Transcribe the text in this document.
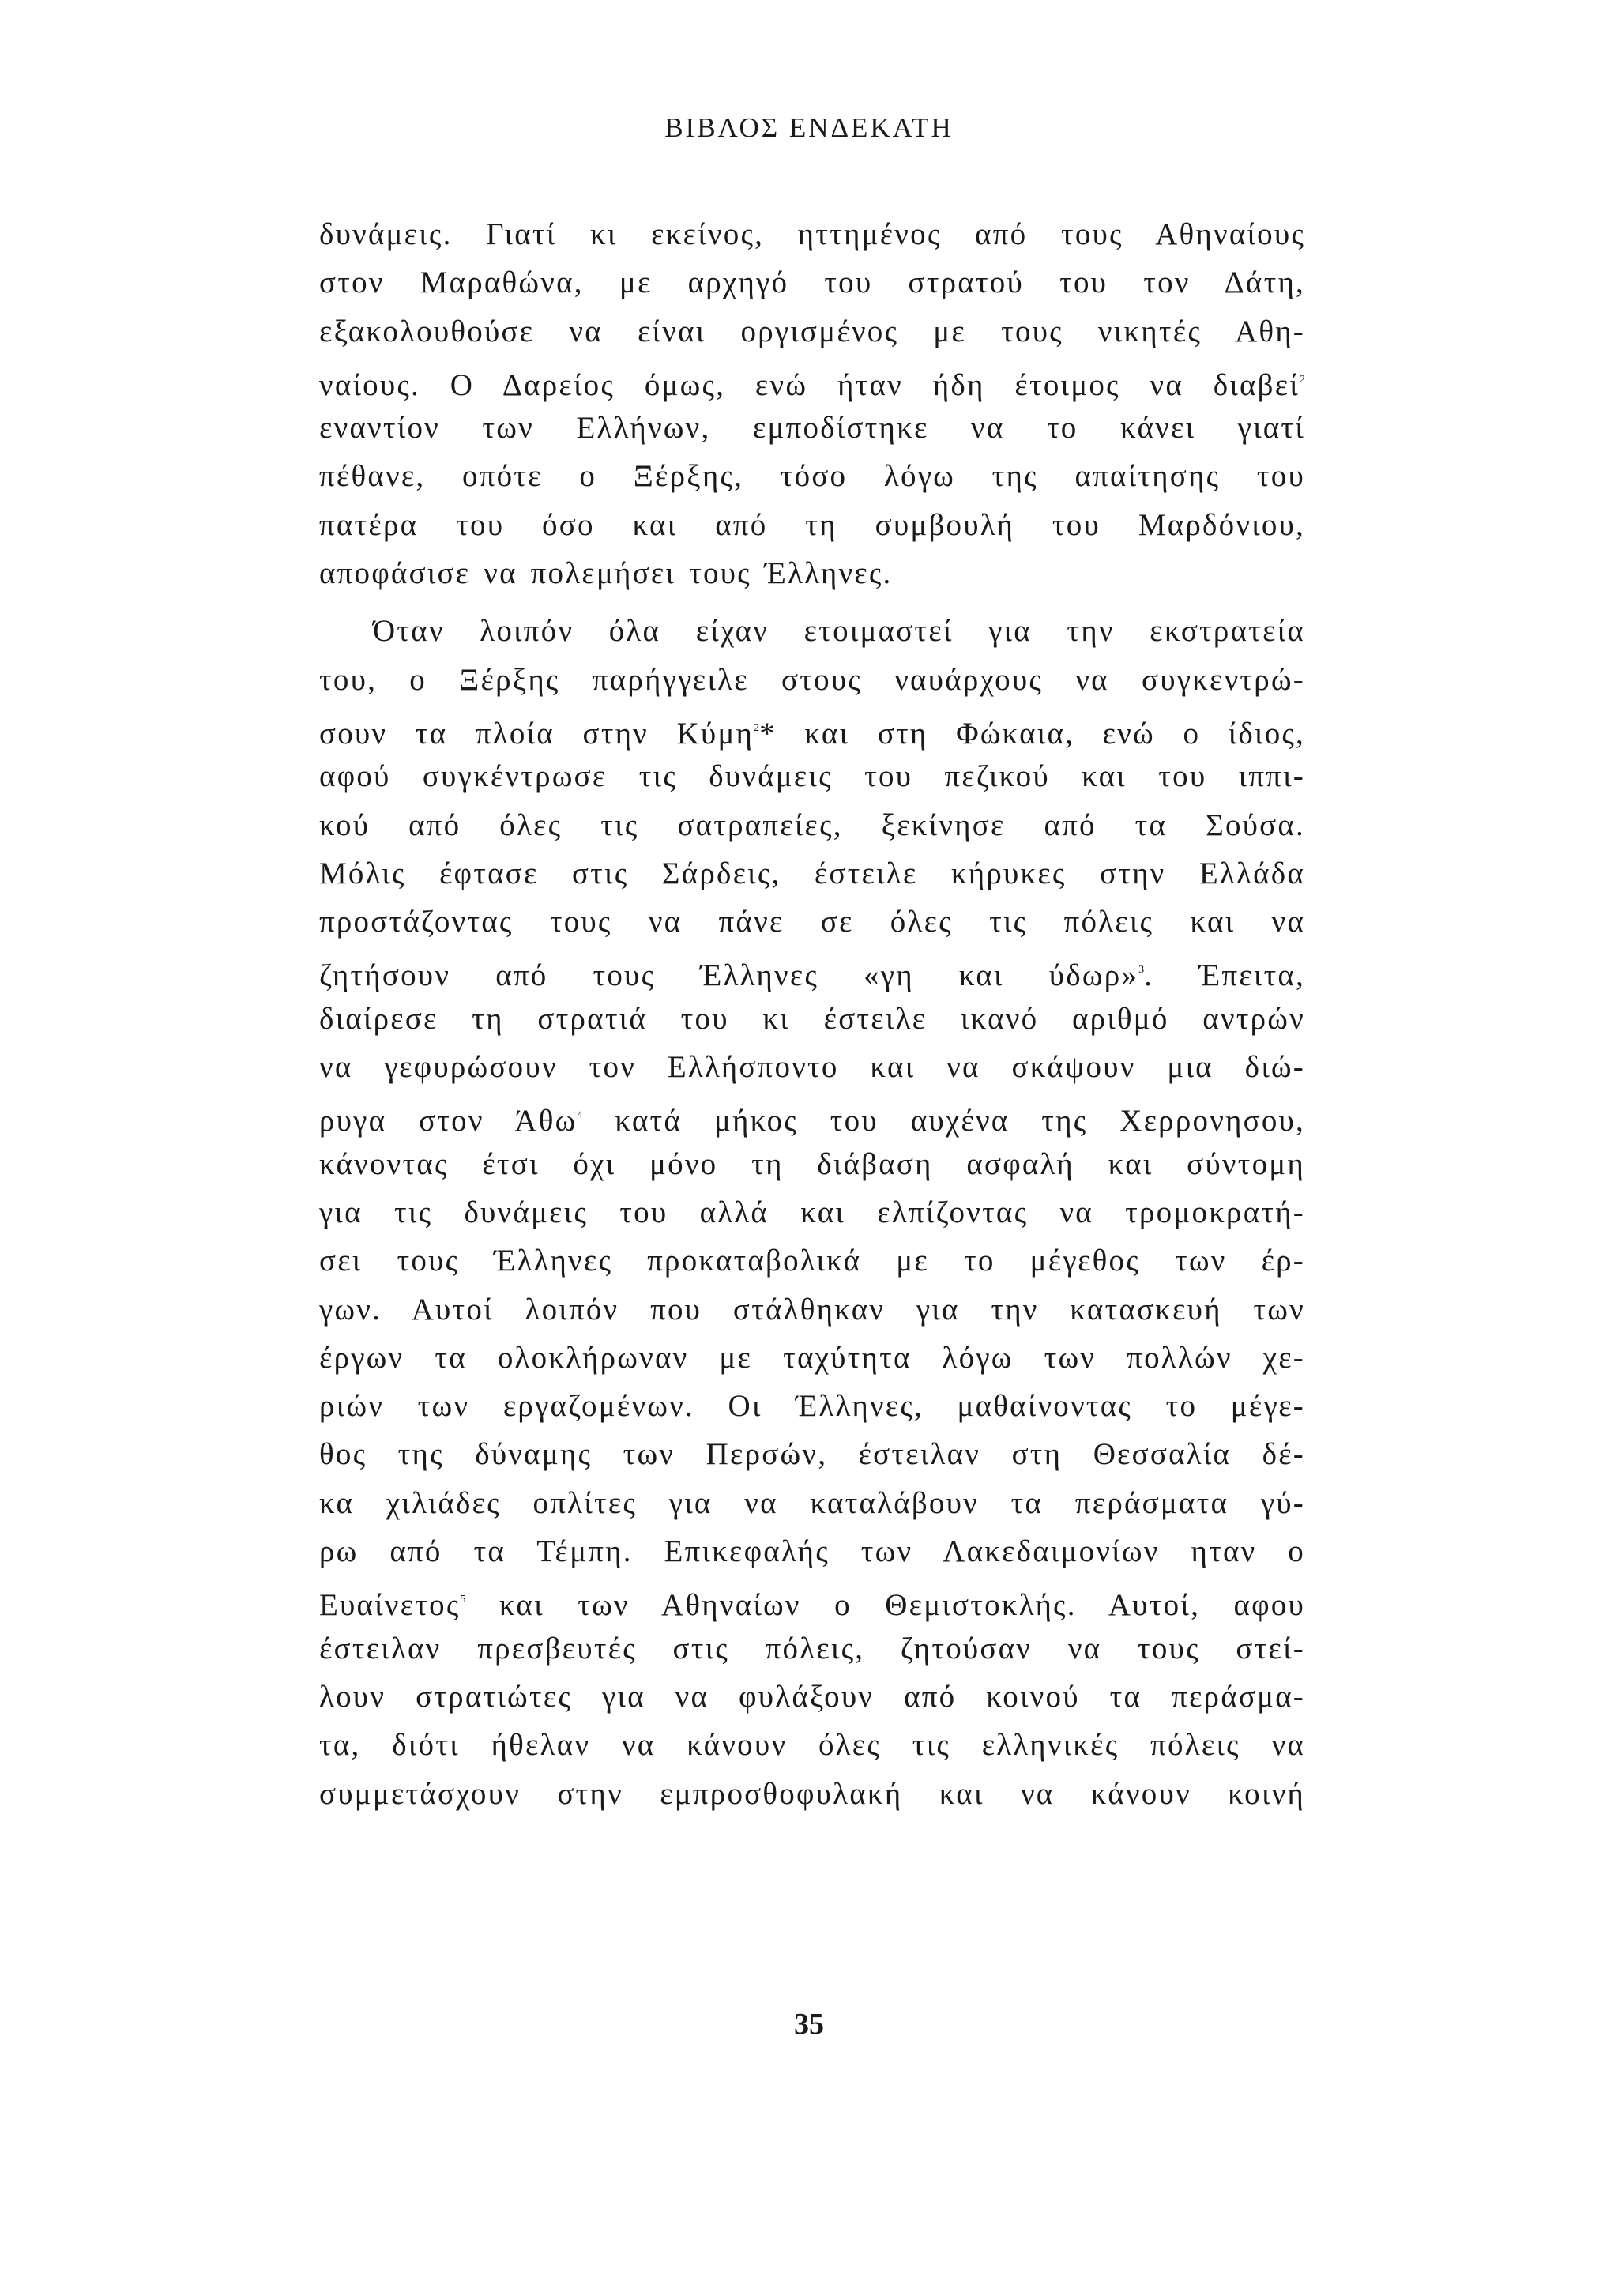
ΒΙΒΛΟΣ ΕΝΔΕΚΑΤΗ
δυνάμεις. Γιατί κι εκείνος, ηττημένος από τους Αθηναίους
στον Μαραθώνα, με αρχηγό του στρατού του τον Δάτη,
εξακολουθούσε να είναι οργισμένος με τους νικητές Αθη-
ναίους. Ο Δαρείος όμως, ενώ ήταν ήδη έτοιμος να διαβεί$^2$
εναντίον των Ελλήνων, εμποδίστηκε να το κάνει γιατί
πέθανε, οπότε ο Ξέρξης, τόσο λόγω της απαίτησης του
πατέρα του όσο και από τη συμβουλή του Μαρδόνιου,
αποφάσισε να πολεμήσει τους Έλληνες.
Όταν λοιπόν όλα είχαν ετοιμαστεί για την εκστρατεία
του, ο Ξέρξης παρήγγειλε στους ναυάρχους να συγκεντρώ-
σουν τα πλοία στην Κύμη$^2$* και στη Φώκαια, ενώ ο ίδιος,
αφού συγκέντρωσε τις δυνάμεις του πεζικού και του ιππι-
κού από όλες τις σατραπείες, ξεκίνησε από τα Σούσα.
Μόλις έφτασε στις Σάρδεις, έστειλε κήρυκες στην Ελλάδα
προστάζοντας τους να πάνε σε όλες τις πόλεις και να
ζητήσουν από τους Έλληνες «γη και ύδωρ»$^3$. Έπειτα,
διαίρεσε τη στρατιά του κι έστειλε ικανό αριθμό αντρών
να γεφυρώσουν τον Ελλήσποντο και να σκάψουν μια διώ-
ρυγα στον Άθω$^4$ κατά μήκος του αυχένα της Χερρονησου,
κάνοντας έτσι όχι μόνο τη διάβαση ασφαλή και σύντομη
για τις δυνάμεις του αλλά και ελπίζοντας να τρομοκρατή-
σει τους Έλληνες προκαταβολικά με το μέγεθος των έρ-
γων. Αυτοί λοιπόν που στάλθηκαν για την κατασκευή των
έργων τα ολοκλήρωναν με ταχύτητα λόγω των πολλών χε-
ριών των εργαζομένων. Οι Έλληνες, μαθαίνοντας το μέγε-
θος της δύναμης των Περσών, έστειλαν στη Θεσσαλία δέ-
κα χιλιάδες οπλίτες για να καταλάβουν τα περάσματα γύ-
ρω από τα Τέμπη. Επικεφαλής των Λακεδαιμονίων ηταν ο
Ευαίνετος$^5$ και των Αθηναίων ο Θεμιστοκλής. Αυτοί, αφου
έστειλαν πρεσβευτές στις πόλεις, ζητούσαν να τους στεί-
λουν στρατιώτες για να φυλάξουν από κοινού τα περάσμα-
τα, διότι ήθελαν να κάνουν όλες τις ελληνικές πόλεις να
συμμετάσχουν στην εμπροσθοφυλακή και να κάνουν κοινή
35
